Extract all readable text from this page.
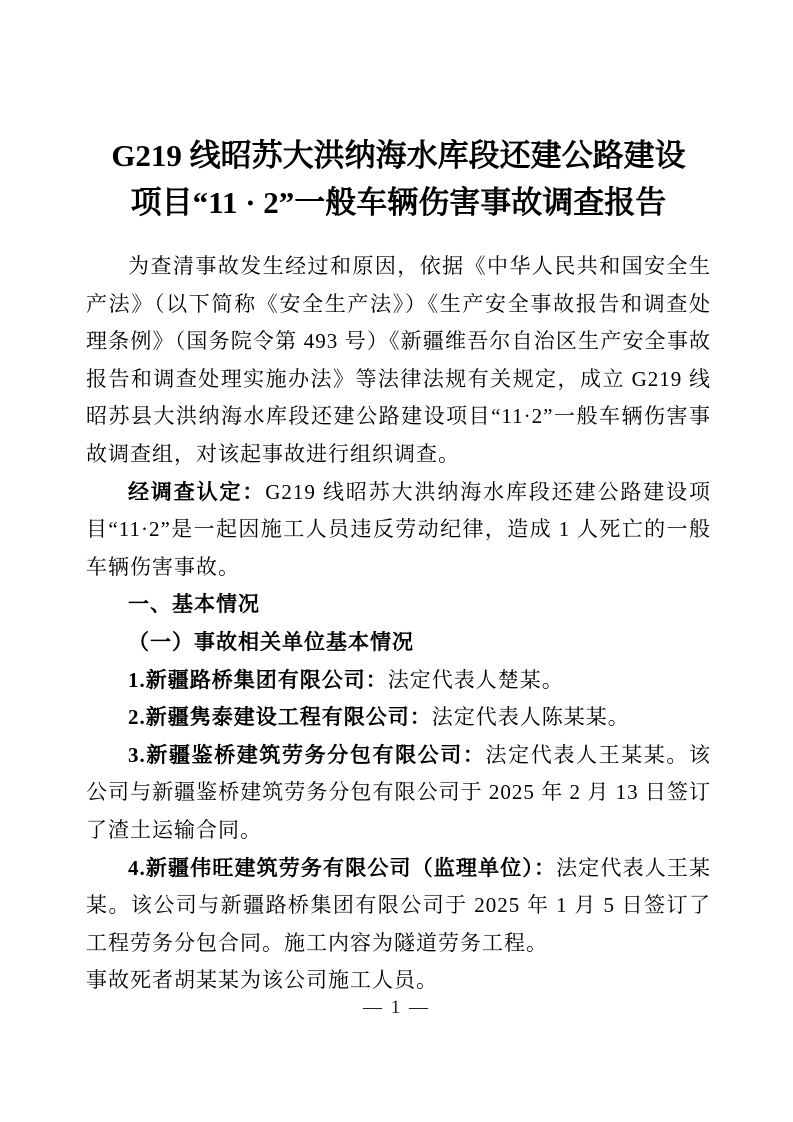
G219 线昭苏大洪纳海水库段还建公路建设
项目“11 · 2”一般车辆伤害事故调查报告

为查清事故发生经过和原因，依据《中华人民共和国安全生产法》（以下简称《安全生产法》）《生产安全事故报告和调查处理条例》（国务院令第 493 号）《新疆维吾尔自治区生产安全事故报告和调查处理实施办法》等法律法规有关规定，成立 G219 线昭苏县大洪纳海水库段还建公路建设项目“11·2”一般车辆伤害事故调查组，对该起事故进行组织调查。

经调查认定：G219 线昭苏大洪纳海水库段还建公路建设项目“11·2”是一起因施工人员违反劳动纪律，造成 1 人死亡的一般车辆伤害事故。

一、基本情况

（一）事故相关单位基本情况

1.新疆路桥集团有限公司：法定代表人楚某。

2.新疆隽泰建设工程有限公司：法定代表人陈某某。

3.新疆鉴桥建筑劳务分包有限公司：法定代表人王某某。该公司与新疆鉴桥建筑劳务分包有限公司于 2025 年 2 月 13 日签订了渣土运输合同。

4.新疆伟旺建筑劳务有限公司（监理单位）：法定代表人王某某。该公司与新疆路桥集团有限公司于 2025 年 1 月 5 日签订了工程劳务分包合同。施工内容为隧道劳务工程。

事故死者胡某某为该公司施工人员。

— 1 —
